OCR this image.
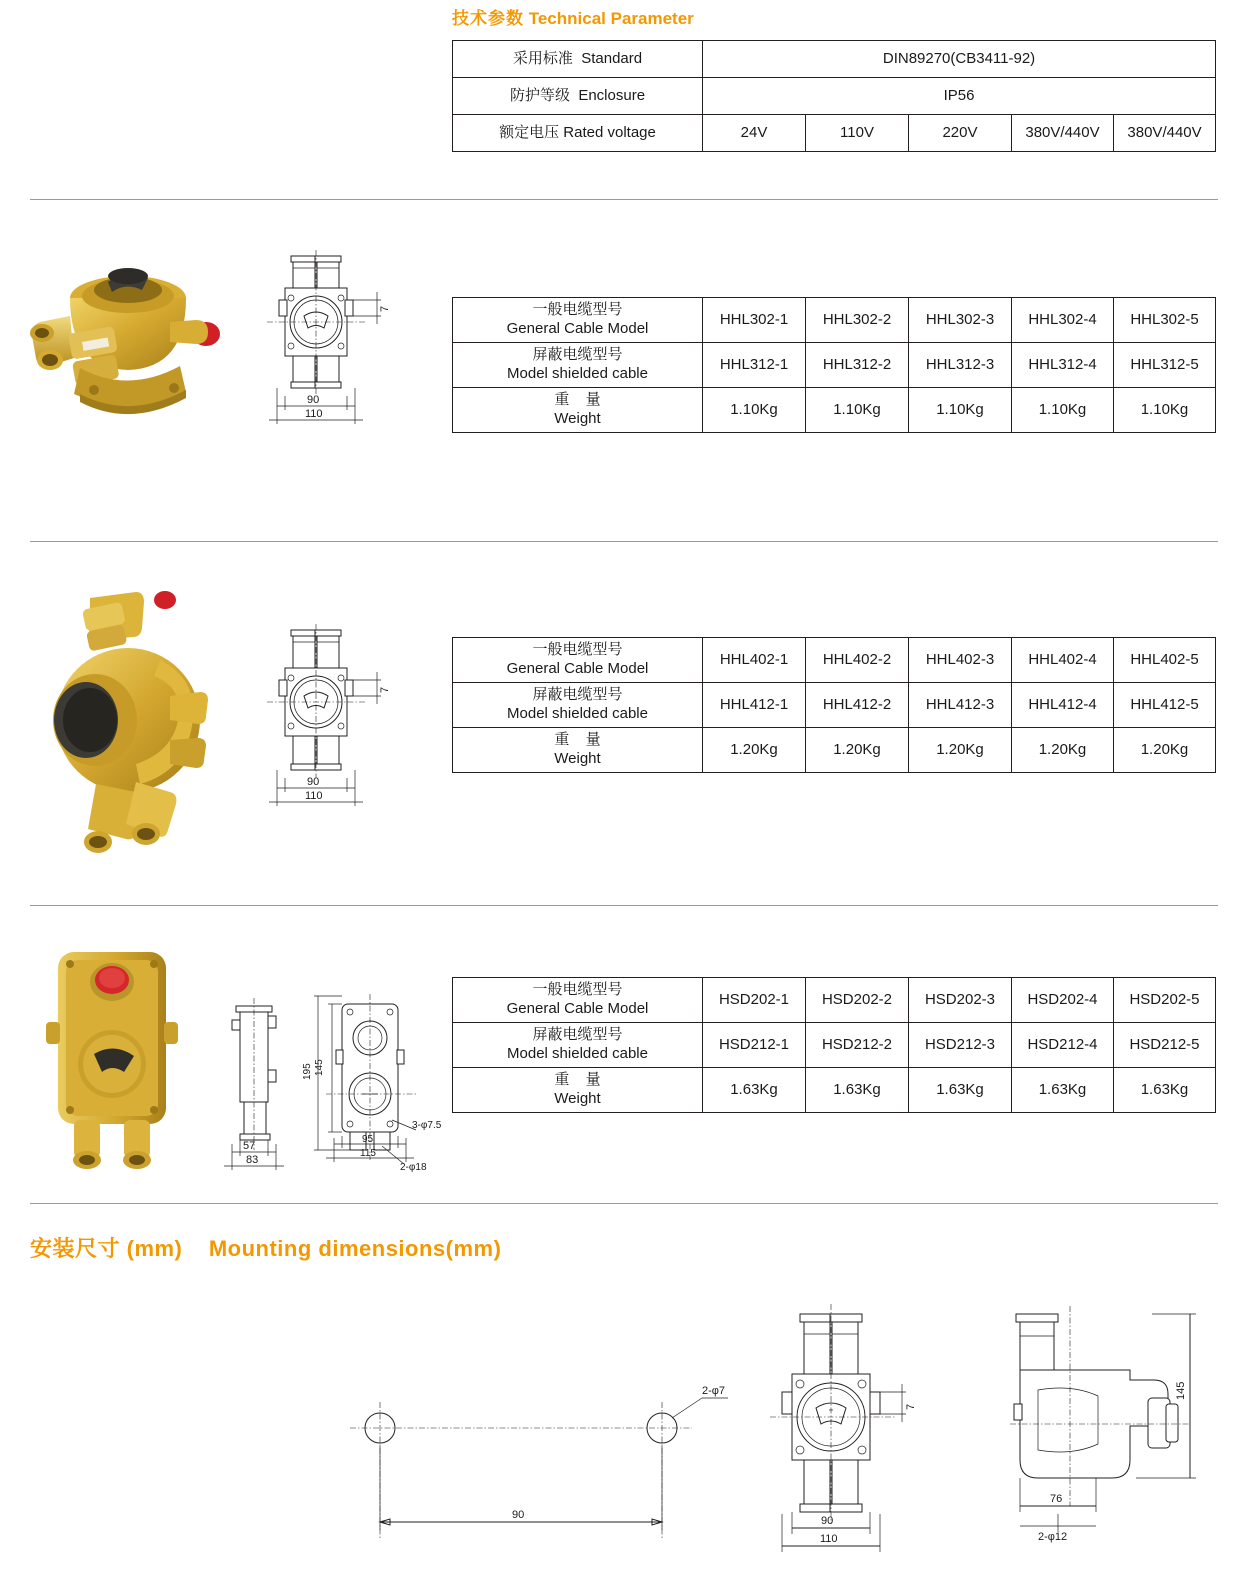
技术参数 Technical Parameter
采用标准 Standard	DIN89270(CB3411-92)				
防护等级 Enclosure	IP56				
额定电压 Rated voltage	24V	110V	220V	380V/440V	380V/440V
7
90
110
一般电缆型号
General Cable Model	HHL302-1	HHL302-2	HHL302-3	HHL302-4	HHL302-5

屏蔽电缆型号
Model shielded cable	HHL312-1	HHL312-2	HHL312-3	HHL312-4	HHL312-5

重 量
Weight	1.10Kg	1.10Kg	1.10Kg	1.10Kg	1.10Kg
7
90
110
一般电缆型号
General Cable Model	HHL402-1	HHL402-2	HHL402-3	HHL402-4	HHL402-5

屏蔽电缆型号
Model shielded cable	HHL412-1	HHL412-2	HHL412-3	HHL412-4	HHL412-5

重 量
Weight	1.20Kg	1.20Kg	1.20Kg	1.20Kg	1.20Kg
57
83
145
195
3-φ7.5
2-φ18
95
115
一般电缆型号
General Cable Model	HSD202-1	HSD202-2	HSD202-3	HSD202-4	HSD202-5

屏蔽电缆型号
Model shielded cable	HSD212-1	HSD212-2	HSD212-3	HSD212-4	HSD212-5

重 量
Weight	1.63Kg	1.63Kg	1.63Kg	1.63Kg	1.63Kg
安装尺寸 (mm) Mounting dimensions(mm)
2-φ7
90
7
90
110
145
76
2-φ12
